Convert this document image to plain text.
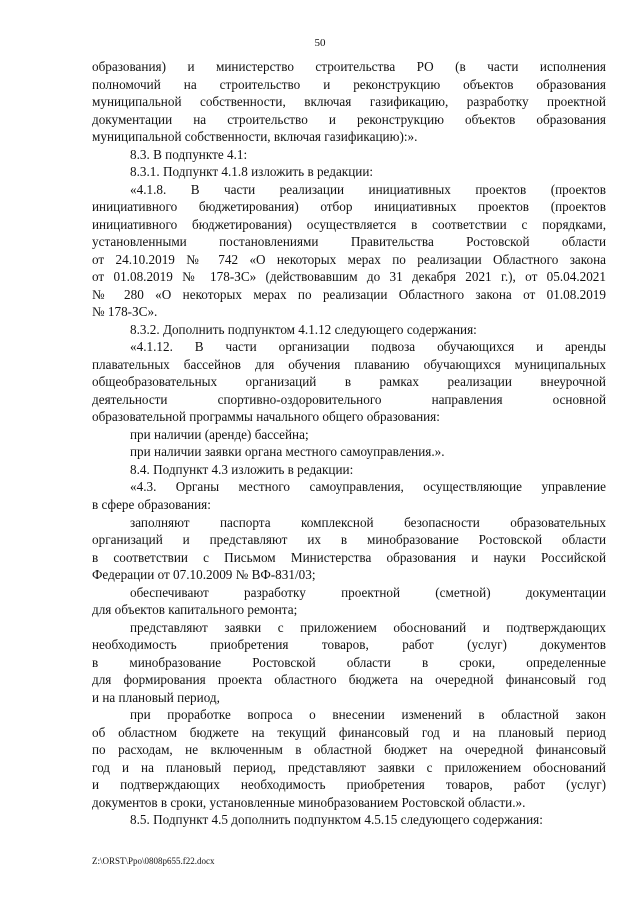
50
образования) и министерство строительства РО (в части исполнения
полномочий на строительство и реконструкцию объектов образования
муниципальной собственности, включая газификацию, разработку проектной
документации на строительство и реконструкцию объектов образования
муниципальной собственности, включая газификацию):».
8.3. В подпункте 4.1:
8.3.1. Подпункт 4.1.8 изложить в редакции:
«4.1.8. В части реализации инициативных проектов (проектов
инициативного бюджетирования) отбор инициативных проектов (проектов
инициативного бюджетирования) осуществляется в соответствии с порядками,
установленными постановлениями Правительства Ростовской области
от 24.10.2019 № 742 «О некоторых мерах по реализации Областного закона
от 01.08.2019 № 178-ЗС» (действовавшим до 31 декабря 2021 г.), от 05.04.2021
№ 280 «О некоторых мерах по реализации Областного закона от 01.08.2019
№ 178-ЗС».
8.3.2. Дополнить подпунктом 4.1.12 следующего содержания:
«4.1.12. В части организации подвоза обучающихся и аренды
плавательных бассейнов для обучения плаванию обучающихся муниципальных
общеобразовательных организаций в рамках реализации внеурочной
деятельности спортивно-оздоровительного направления основной
образовательной программы начального общего образования:
при наличии (аренде) бассейна;
при наличии заявки органа местного самоуправления.».
8.4. Подпункт 4.3 изложить в редакции:
«4.3. Органы местного самоуправления, осуществляющие управление
в сфере образования:
заполняют паспорта комплексной безопасности образовательных
организаций и представляют их в минобразование Ростовской области
в соответствии с Письмом Министерства образования и науки Российской
Федерации от 07.10.2009 № ВФ-831/03;
обеспечивают разработку проектной (сметной) документации
для объектов капитального ремонта;
представляют заявки с приложением обоснований и подтверждающих
необходимость приобретения товаров, работ (услуг) документов
в минобразование Ростовской области в сроки, определенные
для формирования проекта областного бюджета на очередной финансовый год
и на плановый период,
при проработке вопроса о внесении изменений в областной закон
об областном бюджете на текущий финансовый год и на плановый период
по расходам, не включенным в областной бюджет на очередной финансовый
год и на плановый период, представляют заявки с приложением обоснований
и подтверждающих необходимость приобретения товаров, работ (услуг)
документов в сроки, установленные минобразованием Ростовской области.».
8.5. Подпункт 4.5 дополнить подпунктом 4.5.15 следующего содержания:
Z:\ORST\Ppo\0808p655.f22.docx
